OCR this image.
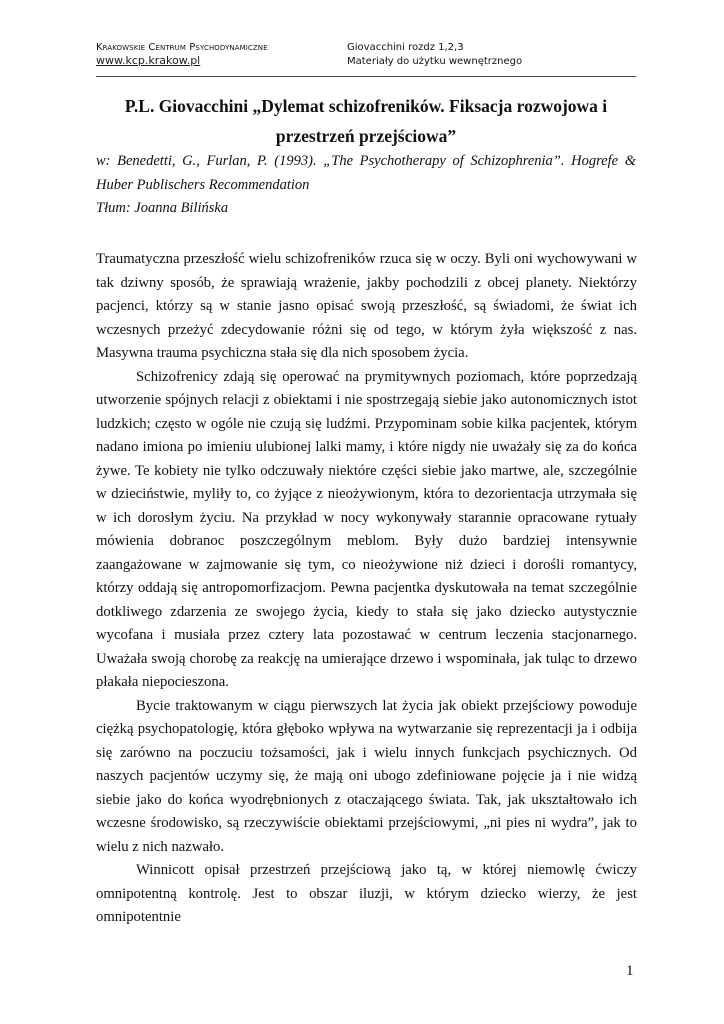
Krakowskie Centrum Psychodynamiczne
www.kcp.krakow.pl
Giovacchini rozdz 1,2,3
Materiały do użytku wewnętrznego
P.L. Giovacchini „Dylemat schizofreników. Fiksacja rozwojowa i przestrzeń przejściowa”
w: Benedetti, G., Furlan, P. (1993). „The Psychotherapy of Schizophrenia”. Hogrefe & Huber Publischers Recommendation
Tłum: Joanna Bilińska

Traumatyczna przeszłość wielu schizofreników rzuca się w oczy. Byli oni wychowywani w tak dziwny sposób, że sprawiają wrażenie, jakby pochodzili z obcej planety. Niektórzy pacjenci, którzy są w stanie jasno opisać swoją przeszłość, są świadomi, że świat ich wczesnych przeżyć zdecydowanie różni się od tego, w którym żyła większość z nas. Masywna trauma psychiczna stała się dla nich sposobem życia.

Schizofrenicy zdają się operować na prymitywnych poziomach, które poprzedzają utworzenie spójnych relacji z obiektami i nie spostrzegają siebie jako autonomicznych istot ludzkich; często w ogóle nie czują się ludźmi. Przypominam sobie kilka pacjentek, którym nadano imiona po imieniu ulubionej lalki mamy, i które nigdy nie uważały się za do końca żywe. Te kobiety nie tylko odczuwały niektóre części siebie jako martwe, ale, szczególnie w dzieciństwie, myliły to, co żyjące z nieożywionym, która to dezorientacja utrzymała się w ich dorosłym życiu. Na przykład w nocy wykonywały starannie opracowane rytuały mówienia dobranoc poszczególnym meblom. Były dużo bardziej intensywnie zaangażowane w zajmowanie się tym, co nieożywione niż dzieci i dorośli romantycy, którzy oddają się antropomorfizacjom. Pewna pacjentka dyskutowała na temat szczególnie dotkliwego zdarzenia ze swojego życia, kiedy to stała się jako dziecko autystycznie wycofana i musiała przez cztery lata pozostawać w centrum leczenia stacjonarnego. Uważała swoją chorobę za reakcję na umierające drzewo i wspominała, jak tuląc to drzewo płakała niepocieszona.

Bycie traktowanym w ciągu pierwszych lat życia jak obiekt przejściowy powoduje ciężką psychopatologię, która głęboko wpływa na wytwarzanie się reprezentacji ja i odbija się zarówno na poczuciu tożsamości, jak i wielu innych funkcjach psychicznych. Od naszych pacjentów uczymy się, że mają oni ubogo zdefiniowane pojęcie ja i nie widzą siebie jako do końca wyodrębnionych z otaczającego świata. Tak, jak ukształtowało ich wczesne środowisko, są rzeczywiście obiektami przejściowymi, „ni pies ni wydra”, jak to wielu z nich nazwało.

Winnicott opisał przestrzeń przejściową jako tą, w której niemowlę ćwiczy omnipotentną kontrolę. Jest to obszar iluzji, w którym dziecko wierzy, że jest omnipotentnie

1
